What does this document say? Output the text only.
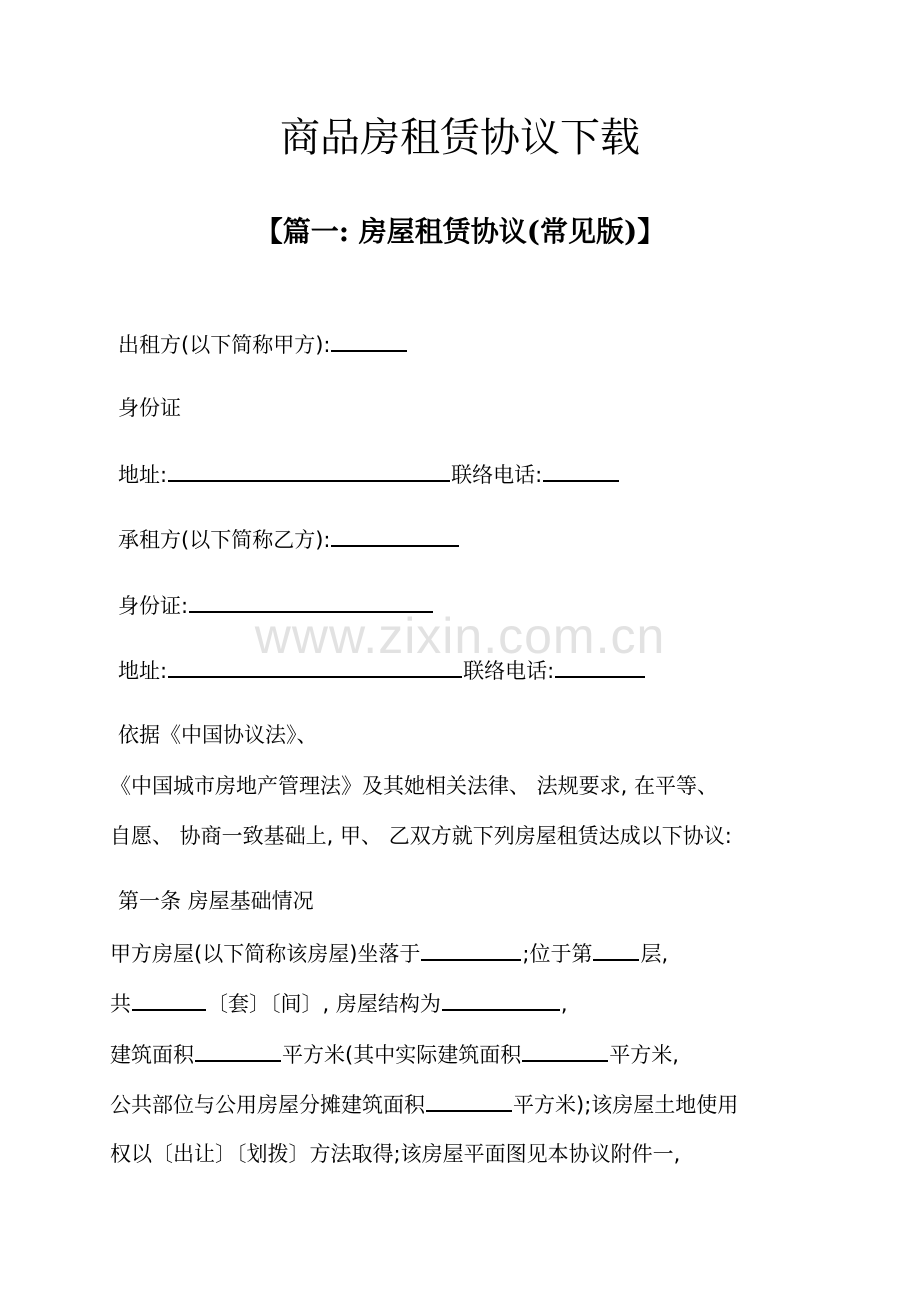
商品房租赁协议下载
【篇一: 房屋租赁协议(常见版)】
www.zixin.com.cn
出租方(以下简称甲方):
身份证
地址:	联络电话:
承租方(以下简称乙方):
身份证:
地址:	联络电话:
依据《中国协议法》、
《中国城市房地产管理法》及其她相关法律、 法规要求, 在平等、
自愿、 协商一致基础上, 甲、 乙双方就下列房屋租赁达成以下协议:
第一条 房屋基础情况
甲方房屋(以下简称该房屋)坐落于	;位于第 层,
共	〔套〕〔间〕, 房屋结构为	,
建筑面积	平方米(其中实际建筑面积	平方米,
公共部位与公用房屋分摊建筑面积	平方米);该房屋土地使用
权以〔出让〕〔划拨〕方法取得;该房屋平面图见本协议附件一,
